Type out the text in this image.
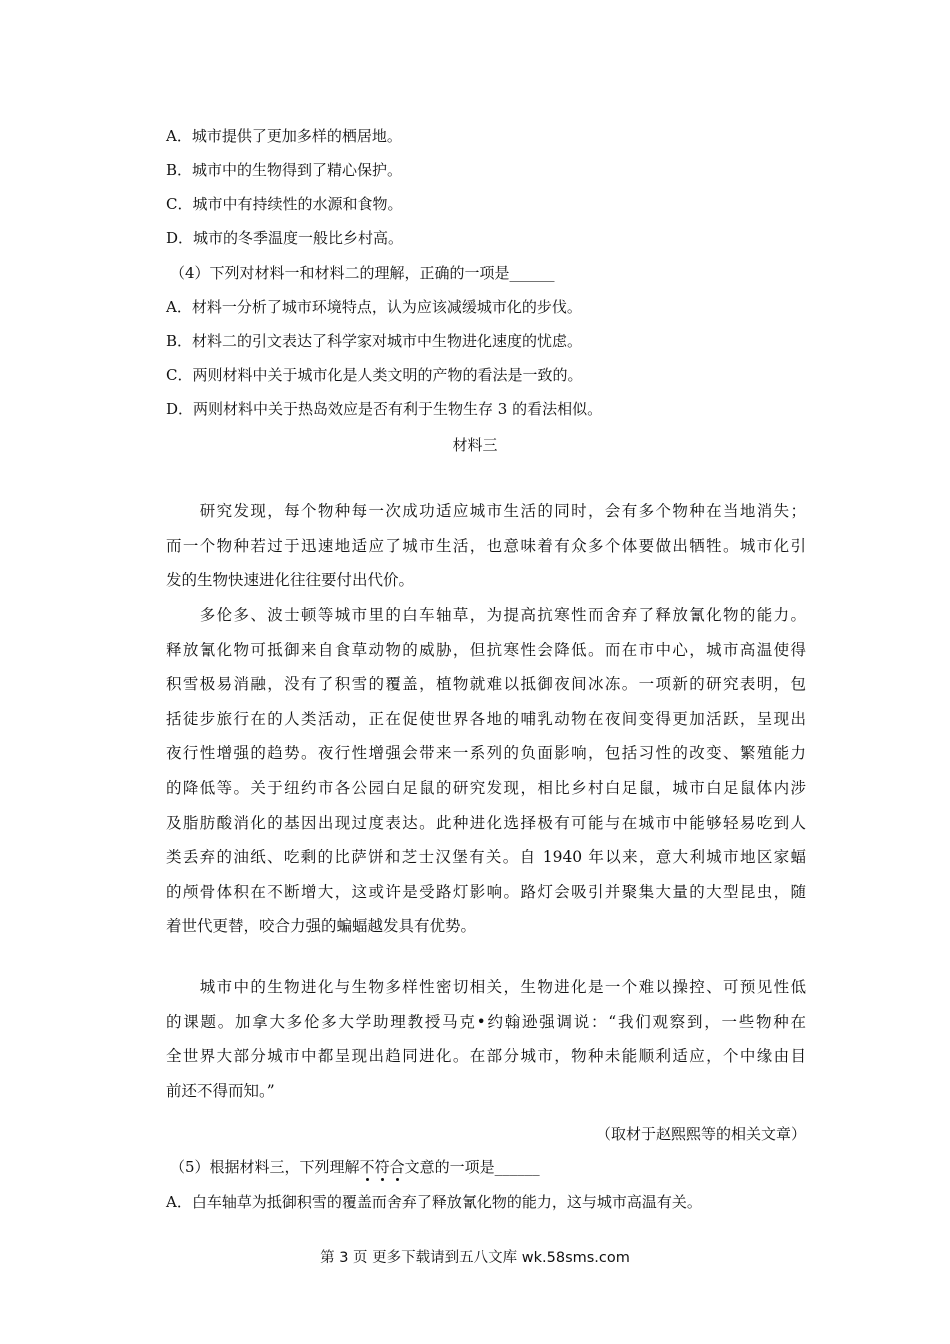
A．城市提供了更加多样的栖居地。
B．城市中的生物得到了精心保护。
C．城市中有持续性的水源和食物。
D．城市的冬季温度一般比乡村高。
（4）下列对材料一和材料二的理解，正确的一项是______
A．材料一分析了城市环境特点，认为应该减缓城市化的步伐。
B．材料二的引文表达了科学家对城市中生物进化速度的忧虑。
C．两则材料中关于城市化是人类文明的产物的看法是一致的。
D．两则材料中关于热岛效应是否有利于生物生存 3 的看法相似。
材料三
　　研究发现，每个物种每一次成功适应城市生活的同时，会有多个物种在当地消失；
而一个物种若过于迅速地适应了城市生活，也意味着有众多个体要做出牺牲。城市化引
发的生物快速进化往往要付出代价。
　　多伦多、波士顿等城市里的白车轴草，为提高抗寒性而舍弃了释放氰化物的能力。
释放氰化物可抵御来自食草动物的威胁，但抗寒性会降低。而在市中心，城市高温使得
积雪极易消融，没有了积雪的覆盖，植物就难以抵御夜间冰冻。一项新的研究表明，包
括徒步旅行在的人类活动，正在促使世界各地的哺乳动物在夜间变得更加活跃，呈现出
夜行性增强的趋势。夜行性增强会带来一系列的负面影响，包括习性的改变、繁殖能力
的降低等。关于纽约市各公园白足鼠的研究发现，相比乡村白足鼠，城市白足鼠体内涉
及脂肪酸消化的基因出现过度表达。此种进化选择极有可能与在城市中能够轻易吃到人
类丢弃的油纸、吃剩的比萨饼和芝士汉堡有关。自 1940 年以来，意大利城市地区家蝠
的颅骨体积在不断增大，这或许是受路灯影响。路灯会吸引并聚集大量的大型昆虫，随
着世代更替，咬合力强的蝙蝠越发具有优势。
　　城市中的生物进化与生物多样性密切相关，生物进化是一个难以操控、可预见性低
的课题。加拿大多伦多大学助理教授马克•约翰逊强调说：“我们观察到，一些物种在
全世界大部分城市中都呈现出趋同进化。在部分城市，物种未能顺利适应，个中缘由目
前还不得而知。”
（取材于赵熙熙等的相关文章）
（5）根据材料三，下列理解不符合文意的一项是______
A．白车轴草为抵御积雪的覆盖而舍弃了释放氰化物的能力，这与城市高温有关。
第 3 页 更多下载请到五八文库 wk.58sms.com
